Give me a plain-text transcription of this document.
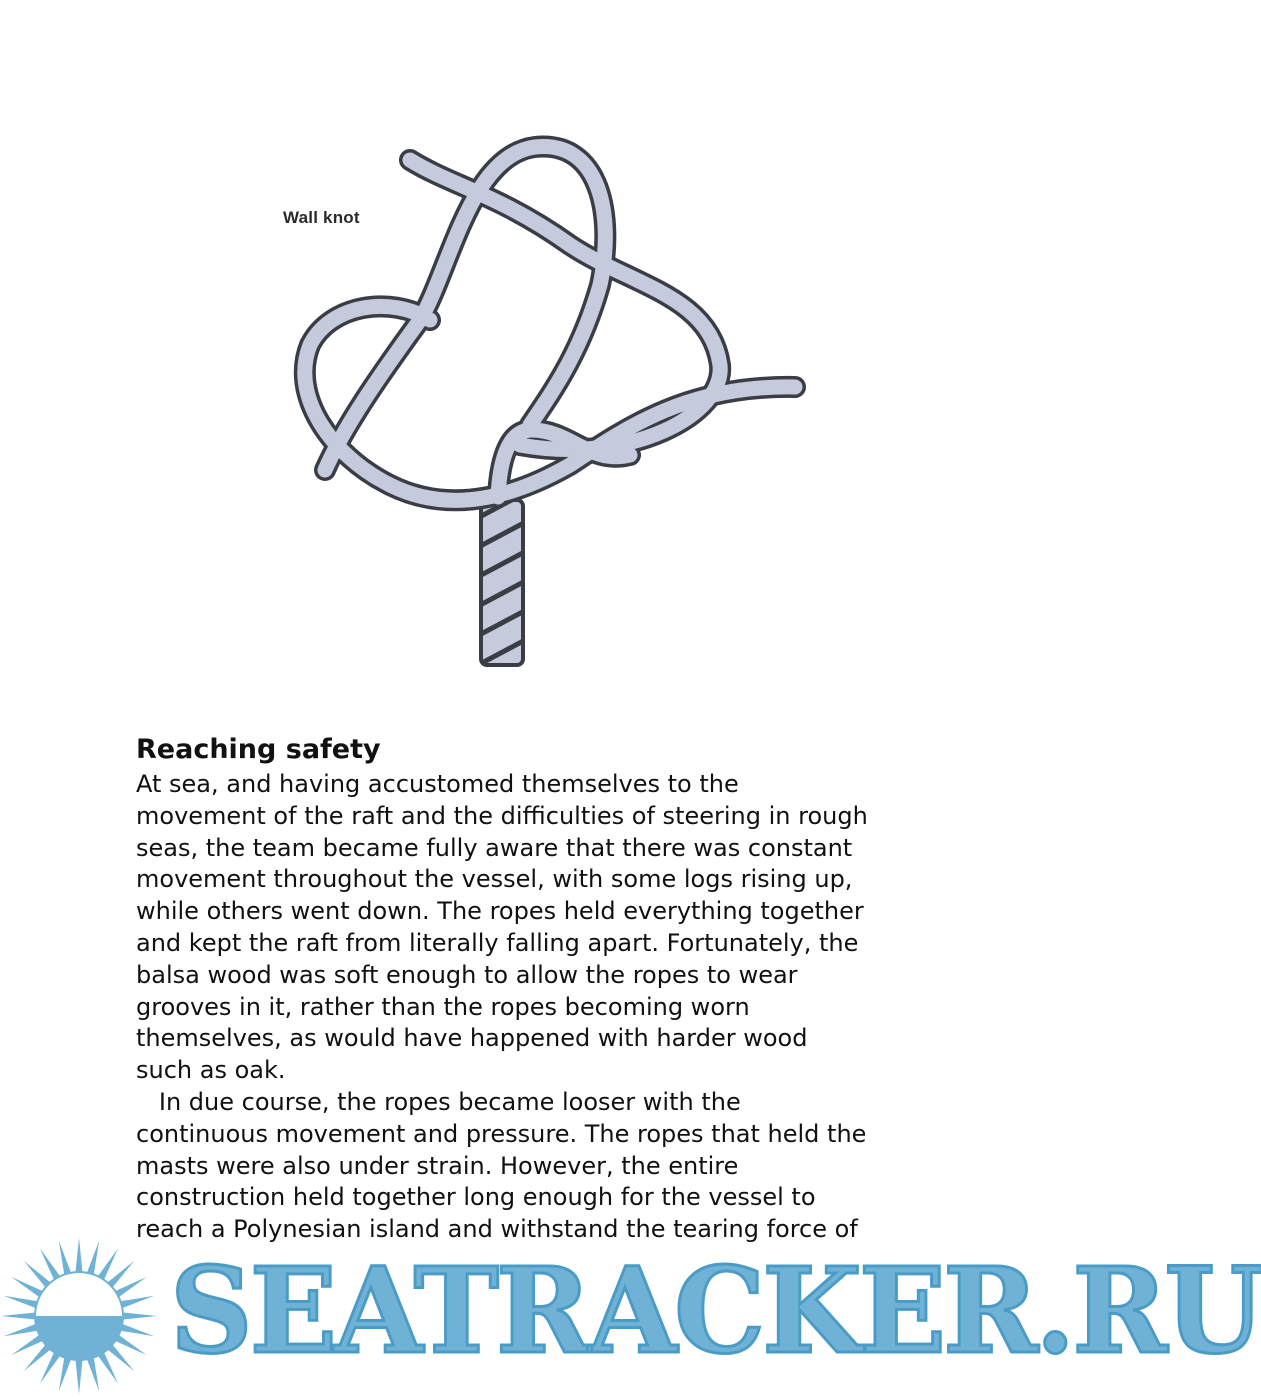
Wall knot
Reaching safety
At sea, and having accustomed themselves to the
movement of the raft and the difficulties of steering in rough
seas, the team became fully aware that there was constant
movement throughout the vessel, with some logs rising up,
while others went down. The ropes held everything together
and kept the raft from literally falling apart. Fortunately, the
balsa wood was soft enough to allow the ropes to wear
grooves in it, rather than the ropes becoming worn
themselves, as would have happened with harder wood
such as oak.
In due course, the ropes became looser with the
continuous movement and pressure. The ropes that held the
masts were also under strain. However, the entire
construction held together long enough for the vessel to
reach a Polynesian island and withstand the tearing force of
SEATRACKER.RU
